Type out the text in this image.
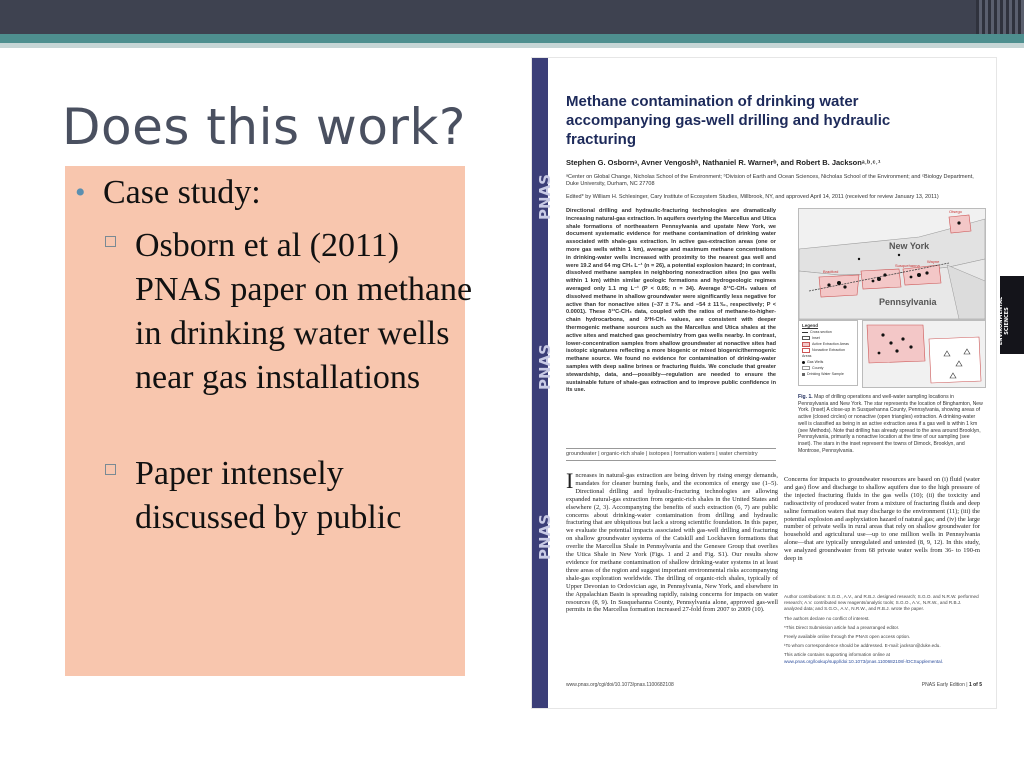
Does this work?
• Case study:
Osborn et al (2011) PNAS paper on methane in drinking water wells near gas installations
Paper intensely discussed by public
PNAS
PNAS
PNAS
Methane contamination of drinking water accompanying gas-well drilling and hydraulic fracturing
Stephen G. Osbornᵃ, Avner Vengoshᵇ, Nathaniel R. Warnerᵇ, and Robert B. Jacksonᵃ˒ᵇ˒ᶜ˒¹
ᵃCenter on Global Change, Nicholas School of the Environment; ᵇDivision of Earth and Ocean Sciences, Nicholas School of the Environment; and ᶜBiology Department, Duke University, Durham, NC 27708
Edited* by William H. Schlesinger, Cary Institute of Ecosystem Studies, Millbrook, NY, and approved April 14, 2011 (received for review January 13, 2011)
Directional drilling and hydraulic-fracturing technologies are dramatically increasing natural-gas extraction. In aquifers overlying the Marcellus and Utica shale formations of northeastern Pennsylvania and upstate New York, we document systematic evidence for methane contamination of drinking water associated with shale-gas extraction. In active gas-extraction areas (one or more gas wells within 1 km), average and maximum methane concentrations in drinking-water wells increased with proximity to the nearest gas well and were 19.2 and 64 mg CH₄ L⁻¹ (n = 26), a potential explosion hazard; in contrast, dissolved methane samples in neighboring nonextraction sites (no gas wells within 1 km) within similar geologic formations and hydrogeologic regimes averaged only 1.1 mg L⁻¹ (P < 0.05; n = 34). Average δ¹³C-CH₄ values of dissolved methane in shallow groundwater were significantly less negative for active than for nonactive sites (−37 ± 7‰ and −54 ± 11‰, respectively; P < 0.0001). These δ¹³C-CH₄ data, coupled with the ratios of methane-to-higher-chain hydrocarbons, and δ²H-CH₄ values, are consistent with deeper thermogenic methane sources such as the Marcellus and Utica shales at the active sites and matched gas geochemistry from gas wells nearby. In contrast, lower-concentration samples from shallow groundwater at nonactive sites had isotopic signatures reflecting a more biogenic or mixed biogenic/thermogenic methane source. We found no evidence for contamination of drinking-water samples with deep saline brines or fracturing fluids. We conclude that greater stewardship, data, and—possibly—regulation are needed to ensure the sustainable future of shale-gas extraction and to improve public confidence in its use.
groundwater | organic-rich shale | isotopes | formation waters | water chemistry
Increases in natural-gas extraction are being driven by rising energy demands, mandates for cleaner burning fuels, and the economics of energy use (1–5). Directional drilling and hydraulic-fracturing technologies are allowing expanded natural-gas extraction from organic-rich shales in the United States and elsewhere (2, 3). Accompanying the benefits of such extraction (6, 7) are public concerns about drinking-water contamination from drilling and hydraulic fracturing that are ubiquitous but lack a strong scientific foundation. In this paper, we evaluate the potential impacts associated with gas-well drilling and fracturing on shallow groundwater systems of the Catskill and Lockhaven formations that overlie the Marcellus Shale in Pennsylvania and the Genesee Group that overlies the Utica Shale in New York (Figs. 1 and 2 and Fig. S1). Our results show evidence for methane contamination of shallow drinking-water systems in at least three areas of the region and suggest important environmental risks accompanying shale-gas exploration worldwide. The drilling of organic-rich shales, typically of Upper Devonian to Ordovician age, in Pennsylvania, New York, and elsewhere in the Appalachian Basin is spreading rapidly, raising concerns for impacts on water resources (8, 9). In Susquehanna County, Pennsylvania alone, approved gas-well permits in the Marcellus formation increased 27-fold from 2007 to 2009 (10).
Concerns for impacts to groundwater resources are based on (i) fluid (water and gas) flow and discharge to shallow aquifers due to the high pressure of the injected fracturing fluids in the gas wells (10); (ii) the toxicity and radioactivity of produced water from a mixture of fracturing fluids and deep saline formation waters that may discharge to the environment (11); (iii) the potential explosion and asphyxiation hazard of natural gas; and (iv) the large number of private wells in rural areas that rely on shallow groundwater for household and agricultural use—up to one million wells in Pennsylvania alone—that are typically unregulated and untested (8, 9, 12). In this study, we analyzed groundwater from 68 private water wells from 36- to 190-m deep in

Author contributions: S.G.O., A.V., and R.B.J. designed research; S.G.O. and N.R.W. performed research; A.V. contributed new reagents/analytic tools; S.G.O., A.V., N.R.W., and R.B.J. analyzed data; and S.G.O., A.V., N.R.W., and R.B.J. wrote the paper.

The authors declare no conflict of interest.

*This Direct Submission article had a prearranged editor.

Freely available online through the PNAS open access option.

¹To whom correspondence should be addressed. E-mail: jackson@duke.edu.

This article contains supporting information online at www.pnas.org/lookup/suppl/doi:10.1073/pnas.1100682108/-/DCSupplemental.

New York
Pennsylvania
Otsego
Susquehanna
Wayne
Bradford
Legend
Cross section
Inset
Active Extraction Areas
Nonactive Extraction Areas
Gas Wells
County
Drinking Water Sample
Fig. 1. Map of drilling operations and well-water sampling locations in Pennsylvania and New York. The star represents the location of Binghamton, New York. (Inset) A close-up in Susquehanna County, Pennsylvania, showing areas of active (closed circles) or nonactive (open triangles) extraction. A drinking-water well is classified as being in an active extraction area if a gas well is within 1 km (see Methods). Note that drilling has already spread to the area around Brooklyn, Pennsylvania, primarily a nonactive location at the time of our sampling (see inset). The stars in the inset represent the towns of Dimock, Brooklyn, and Montrose, Pennsylvania.
www.pnas.org/cgi/doi/10.1073/pnas.1100682108	PNAS Early Edition | 1 of 5
ENVIRONMENTAL SCIENCES
